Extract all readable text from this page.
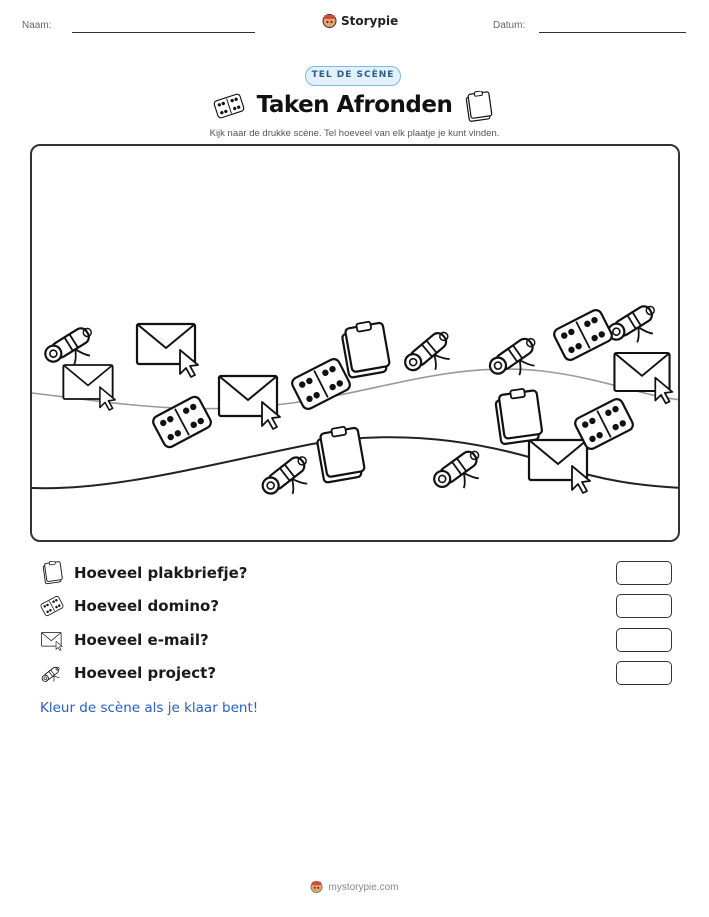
Naam:	Storypie	Datum:
TEL DE SCÈNE
Taken Afronden
Kijk naar de drukke scène. Tel hoeveel van elk plaatje je kunt vinden.
Hoeveel plakbriefje?
Hoeveel domino?
Hoeveel e-mail?
Hoeveel project?
Kleur de scène als je klaar bent!
mystorypie.com
